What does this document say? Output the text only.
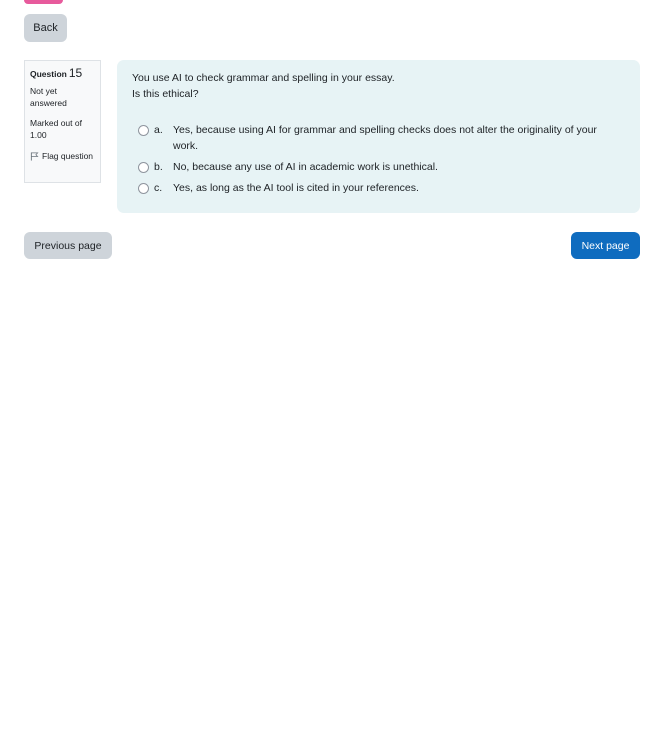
Back
Question 15
Not yet answered
Marked out of 1.00
Flag question
You use AI to check grammar and spelling in your essay.
Is this ethical?
a. Yes, because using AI for grammar and spelling checks does not alter the originality of your work.
b. No, because any use of AI in academic work is unethical.
c.	Yes, as long as the AI tool is cited in your references.
Previous page	Next page
